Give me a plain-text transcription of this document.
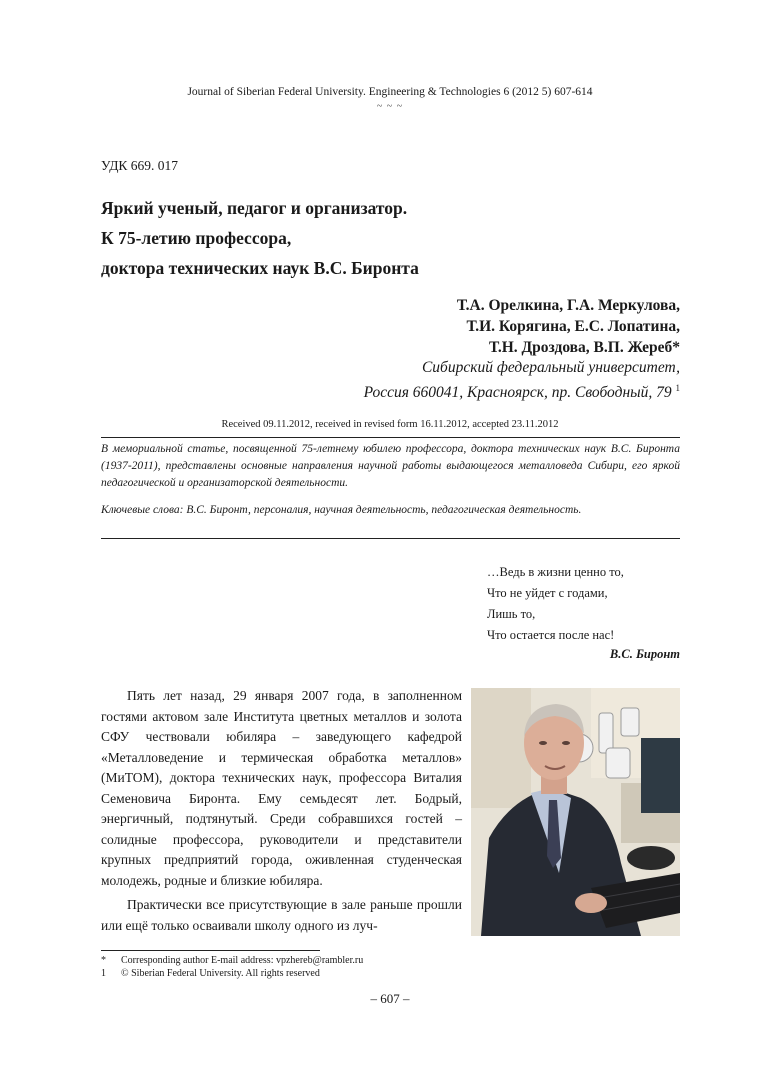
Journal of Siberian Federal University. Engineering & Technologies 6 (2012 5) 607-614
~ ~ ~
УДК 669. 017
Яркий ученый, педагог и организатор.
К 75-летию профессора,
доктора технических наук В.С. Биронта
Т.А. Орелкина, Г.А. Меркулова,
Т.И. Корягина, Е.С. Лопатина,
Т.Н. Дроздова, В.П. Жереб*
Сибирский федеральный университет,
Россия 660041, Красноярск, пр. Свободный, 79 $^1$
Received 09.11.2012, received in revised form 16.11.2012, accepted 23.11.2012
В мемориальной статье, посвященной 75-летнему юбилею профессора, доктора технических наук В.С. Биронта (1937-2011), представлены основные направления научной работы выдающегося металловеда Сибири, его яркой педагогической и организаторской деятельности.
Ключевые слова: В.С. Биронт, персоналия, научная деятельность, педагогическая деятельность.
…Ведь в жизни ценно то,
Что не уйдет с годами,
Лишь то,
Что остается после нас!
В.С. Биронт

Пять лет назад, 29 января 2007 года, в заполненном гостями актовом зале Института цветных металлов и золота СФУ чествовали юбиляра – заведующего кафедрой «Металловедение и термическая обработка металлов» (МиТОМ), доктора технических наук, профессора Виталия Семеновича Биронта. Ему семьдесят лет. Бодрый, энергичный, подтянутый. Среди собравшихся гостей – солидные профессора, руководители и представители крупных предприятий города, оживленная студенческая молодежь, родные и близкие юбиляра.

Практически все присутствующие в зале раньше прошли или ещё только осваивали школу одного из луч-

* Corresponding author E-mail address: vpzhereb@rambler.ru
1 © Siberian Federal University. All rights reserved
– 607 –
